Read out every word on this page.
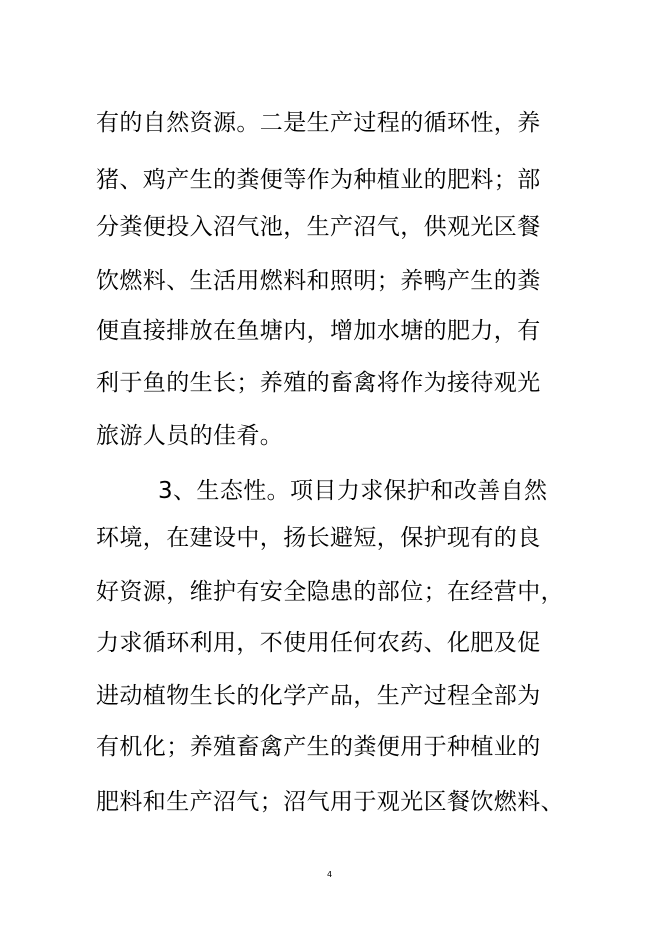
有的自然资源。二是生产过程的循环性，养
猪、鸡产生的粪便等作为种植业的肥料；部
分粪便投入沼气池，生产沼气，供观光区餐
饮燃料、生活用燃料和照明；养鸭产生的粪
便直接排放在鱼塘内，增加水塘的肥力，有
利于鱼的生长；养殖的畜禽将作为接待观光
旅游人员的佳肴。
3、生态性。项目力求保护和改善自然
环境，在建设中，扬长避短，保护现有的良
好资源，维护有安全隐患的部位；在经营中，
力求循环利用，不使用任何农药、化肥及促
进动植物生长的化学产品，生产过程全部为
有机化；养殖畜禽产生的粪便用于种植业的
肥料和生产沼气；沼气用于观光区餐饮燃料、
4
